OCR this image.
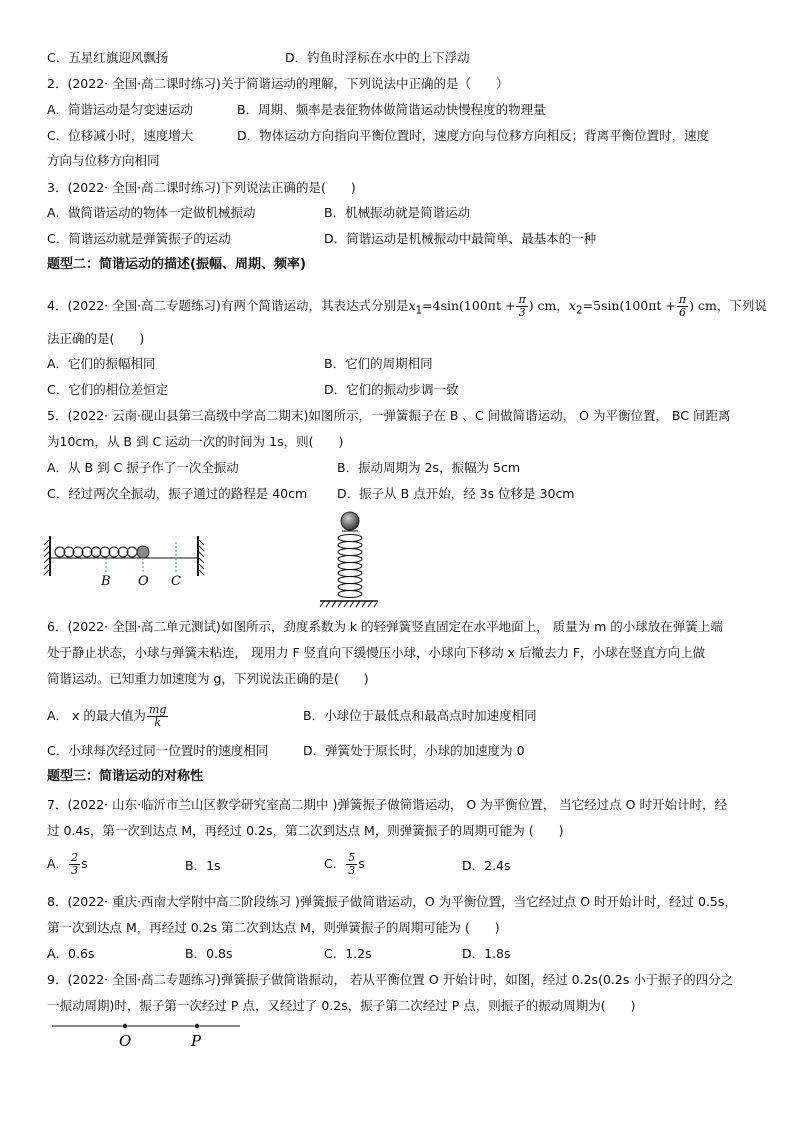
C．五星红旗迎风飘扬	D．钓鱼时浮标在水中的上下浮动
2．(2022· 全国·高二课时练习)关于简谐运动的理解，下列说法中正确的是（　　）
A．简谐运动是匀变速运动	B．周期、频率是表征物体做简谐运动快慢程度的物理量
C．位移减小时，速度增大	D．物体运动方向指向平衡位置时，速度方向与位移方向相反；背离平衡位置时，速度
方向与位移方向相同
3．(2022· 全国·高二课时练习)下列说法正确的是(　　)
A．做简谐运动的物体一定做机械振动	B．机械振动就是简谐运动
C．简谐运动就是弹簧振子的运动	D．简谐运动是机械振动中最简单、最基本的一种
题型二：简谐运动的描述(振幅、周期、频率)
4．(2022· 全国·高二专题练习)有两个简谐运动，其表达式分别是$x_1=4\sin(100\pi t + \frac{\pi}{3}$ ) cm，$x_2=5\sin(100\pi t + \frac{\pi}{6}$ ) cm，下列说
法正确的是(　　)
A．它们的振幅相同	B．它们的周期相同
C．它们的相位差恒定	D．它们的振动步调一致
5．(2022· 云南·砚山县第三高级中学高二期末)如图所示，一弹簧振子在 B 、C 间做简谐运动， O 为平衡位置， BC 间距离
为10cm，从 B 到 C 运动一次的时间为 1s，则(　　)
A．从 B 到 C 振子作了一次全振动	B．振动周期为 2s，振幅为 5cm
C．经过两次全振动，振子通过的路程是 40cm D．振子从 B 点开始，经 3s 位移是 30cm
B O C
6．(2022· 全国·高二单元测试)如图所示，劲度系数为 k 的轻弹簧竖直固定在水平地面上， 质量为 m 的小球放在弹簧上端
处于静止状态，小球与弹簧未粘连， 现用力 F 竖直向下缓慢压小球，小球向下移动 x 后撤去力 F，小球在竖直方向上做
简谐运动。已知重力加速度为 g，下列说法正确的是(　　)
A． x 的最大值为 $\frac{mg}{k}$	B．小球位于最低点和最高点时加速度相同
C．小球每次经过同一位置时的速度相同	D．弹簧处于原长时，小球的加速度为 0
题型三：简谐运动的对称性
7．(2022· 山东·临沂市兰山区教学研究室高二期中 )弹簧振子做简谐运动， O 为平衡位置， 当它经过点 O 时开始计时，经
过 0.4s，第一次到达点 M，再经过 0.2s，第二次到达点 M，则弹簧振子的周期可能为 (　　)
A． $\frac{2}{3}$ s	B．1s	C． $\frac{5}{3}$ s	D．2.4s
8．(2022· 重庆·西南大学附中高二阶段练习 )弹簧振子做简谐运动，O 为平衡位置，当它经过点 O 时开始计时，经过 0.5s，
第一次到达点 M，再经过 0.2s 第二次到达点 M，则弹簧振子的周期可能为 (　　)
A．0.6s	B．0.8s	C．1.2s	D．1.8s
9．(2022· 全国·高二专题练习)弹簧振子做简谐振动， 若从平衡位置 O 开始计时，如图，经过 0.2s(0.2s 小于振子的四分之
一振动周期)时，振子第一次经过 P 点，又经过了 0.2s，振子第二次经过 P 点，则振子的振动周期为(　　)
O	P
